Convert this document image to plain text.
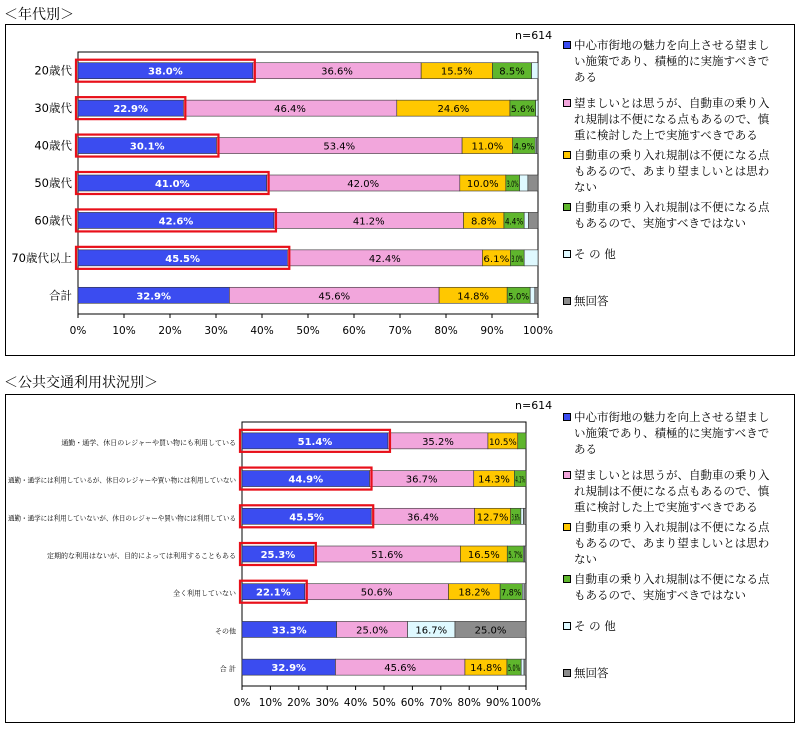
＜年代別＞
0% 10% 20% 30% 40% 50% 60% 70% 80% 90% 100%
20歳代	38.0%	36.6%	15.5%	8.5%
30歳代	22.9%	46.4%	24.6%	5.6%
40歳代	30.1%	53.4%	11.0% 4.9%
50歳代	41.0%	42.0%	10.0% 3.0%
60歳代	42.6%	41.2%	8.8% 4.4%
70歳代以上	45.5%	42.4%	6.1% 3.0%
合計	32.9%	45.6%	14.8% 5.0%
n=614
中心市街地の魅力を向上させる望ましい施策であり、積極的に実施すべきである
望ましいとは思うが、自動車の乗り入れ規制は不便になる点もあるので、慎重に検討した上で実施すべきである
自動車の乗り入れ規制は不便になる点もあるので、あまり望ましいとは思わない
自動車の乗り入れ規制は不便になる点もあるので、実施すべきではない
そ の 他
無回答
＜公共交通利用状況別＞
0% 10% 20% 30% 40% 50% 60% 70% 80% 90% 100%
通勤・通学、休日のレジャーや買い物にも利用している	51.4%	35.2%	10.5%
通勤・通学には利用しているが、休日のレジャーや買い物には利用していない	44.9%	36.7%	14.3% 4.1%
通勤・通学には利用していないが、休日のレジャーや買い物には利用している	45.5%	36.4%	12.7% 3.6%
定期的な利用はないが、目的によっては利用することもある 25.3%	51.6%	16.5% 5.7%
全く利用していない 22.1%	50.6%	18.2% 7.8%
その他	33.3%	25.0%	16.7%	25.0%
合 計	32.9%	45.6%	14.8% 5.0%
n=614
中心市街地の魅力を向上させる望ましい施策であり、積極的に実施すべきである
望ましいとは思うが、自動車の乗り入れ規制は不便になる点もあるので、慎重に検討した上で実施すべきである
自動車の乗り入れ規制は不便になる点もあるので、あまり望ましいとは思わない
自動車の乗り入れ規制は不便になる点もあるので、実施すべきではない
そ の 他
無回答
